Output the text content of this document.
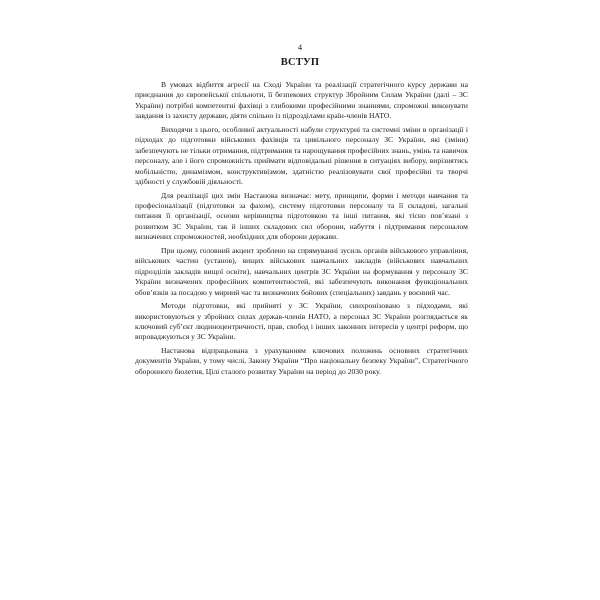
4
ВСТУП

В умовах відбиття агресії на Сході України та реалізації стратегічного курсу держави на приєднання до європейської спільноти, її безпекових структур Збройним Силам України (далі – ЗС України) потрібні компетентні фахівці з глибокими професійними знаннями, спроможні виконувати завдання із захисту держави, діяти спільно із підрозділами країн-членів НАТО.

Виходячи з цього, особливої актуальності набули структурні та системні зміни в організації і підходах до підготовки військових фахівців та цивільного персоналу ЗС України, які (зміни) забезпечують не тільки отримання, підтримання та нарощування професійних знань, умінь та навичок персоналу, але і його спроможність приймати відповідальні рішення в ситуаціях вибору, вирізнятись мобільністю, динамізмом, конструктивізмом, здатністю реалізовувати свої професійні та творчі здібності у службовій діяльності.

Для реалізації цих змін Настанова визначає: мету, принципи, форми і методи навчання та професіоналізації (підготовки за фахом), систему підготовки персоналу та її складові, загальні питання її організації, основи керівництва підготовкою та інші питання, які тісно пов’язані з розвитком ЗС України, так й інших складових сил оборони, набуття і підтримання персоналом визначених спроможностей, необхідних для оборони держави.

При цьому, головний акцент зроблено на спрямуванні зусиль органів військового управління, військових частин (установ), вищих військових навчальних закладів (військових навчальних підрозділів закладів вищої освіти), навчальних центрів ЗС України на формування у персоналу ЗС України визначених професійних компетентностей, які забезпечують виконання функціональних обов’язків за посадою у мирний час та визначених бойових (спеціальних) завдань у воєнний час.

Методи підготовки, які прийняті у ЗС України, синхронізовано з підходами, які використовуються у збройних силах держав-членів НАТО, а персонал ЗС України розглядається як ключовий суб’єкт людиноцентричності, прав, свобод і інших законних інтересів у центрі реформ, що впроваджуються у ЗС України.

Настанова відпрацьована з урахуванням ключових положень основних стратегічних документів України, у тому числі, Закону України “Про національну безпеку України”, Стратегічного оборонного бюлетня, Цілі сталого розвитку України на період до 2030 року.
